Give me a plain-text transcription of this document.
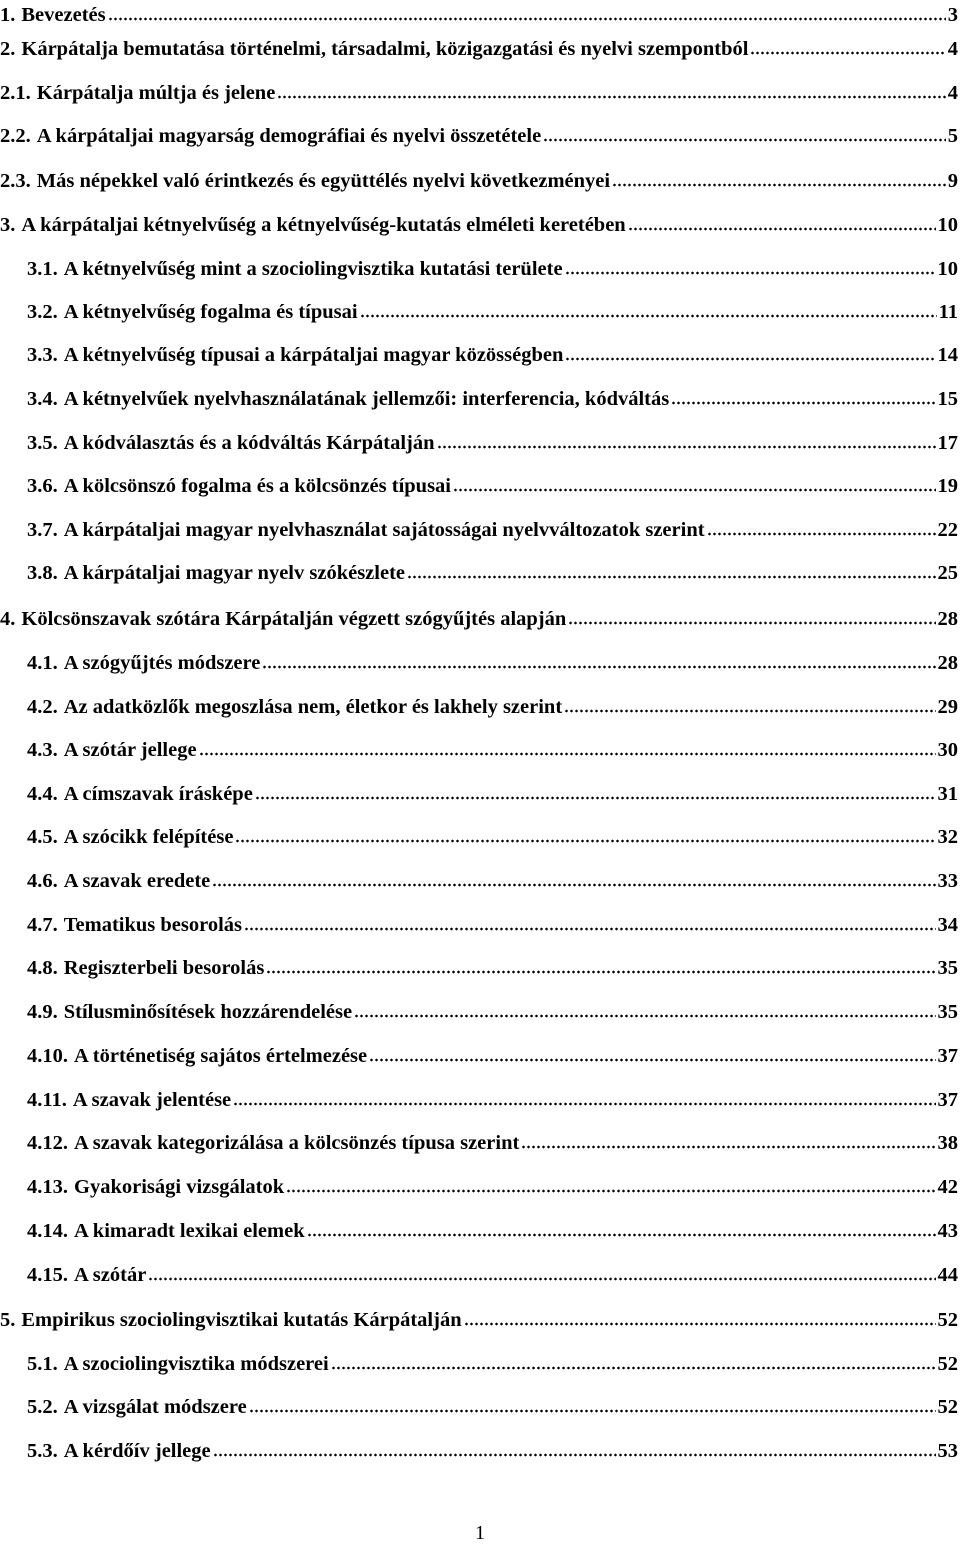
1. Bevezetés	3
2. Kárpátalja bemutatása történelmi, társadalmi, közigazgatási és nyelvi szempontból	4
2.1. Kárpátalja múltja és jelene	4
2.2. A kárpátaljai magyarság demográfiai és nyelvi összetétele	5
2.3. Más népekkel való érintkezés és együttélés nyelvi következményei	9
3. A kárpátaljai kétnyelvűség a kétnyelvűség-kutatás elméleti keretében	10
3.1. A kétnyelvűség mint a szociolingvisztika kutatási területe	10
3.2. A kétnyelvűség fogalma és típusai	11
3.3. A kétnyelvűség típusai a kárpátaljai magyar közösségben	14
3.4. A kétnyelvűek nyelvhasználatának jellemzői: interferencia, kódváltás	15
3.5. A kódválasztás és a kódváltás Kárpátalján	17
3.6. A kölcsönszó fogalma és a kölcsönzés típusai	19
3.7. A kárpátaljai magyar nyelvhasználat sajátosságai nyelvváltozatok szerint	22
3.8. A kárpátaljai magyar nyelv szókészlete	25
4. Kölcsönszavak szótára Kárpátalján végzett szógyűjtés alapján	28
4.1. A szógyűjtés módszere	28
4.2. Az adatközlők megoszlása nem, életkor és lakhely szerint	29
4.3. A szótár jellege	30
4.4. A címszavak írásképe	31
4.5. A szócikk felépítése	32
4.6. A szavak eredete	33
4.7. Tematikus besorolás	34
4.8. Regiszterbeli besorolás	35
4.9. Stílusminősítések hozzárendelése	35
4.10. A történetiség sajátos értelmezése	37
4.11. A szavak jelentése	37
4.12. A szavak kategorizálása a kölcsönzés típusa szerint	38
4.13. Gyakorisági vizsgálatok	42
4.14. A kimaradt lexikai elemek	43
4.15. A szótár	44
5. Empirikus szociolingvisztikai kutatás Kárpátalján	52
5.1. A szociolingvisztika módszerei	52
5.2. A vizsgálat módszere	52
5.3. A kérdőív jellege	53
1
